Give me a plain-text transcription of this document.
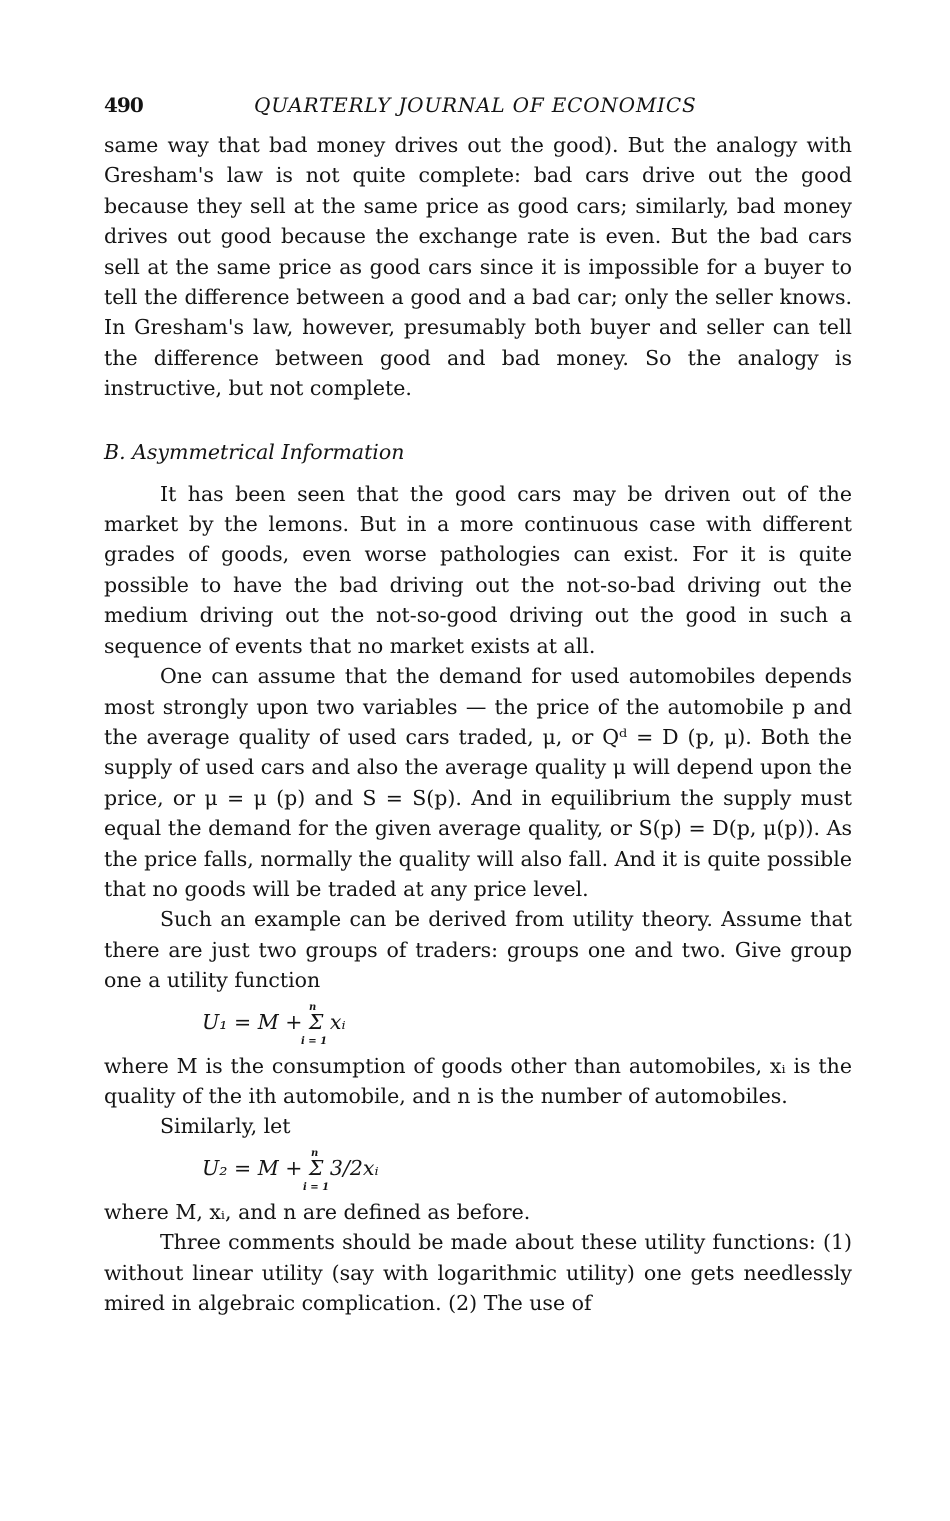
490	QUARTERLY JOURNAL OF ECONOMICS

same way that bad money drives out the good). But the analogy with Gresham's law is not quite complete: bad cars drive out the good because they sell at the same price as good cars; similarly, bad money drives out good because the exchange rate is even. But the bad cars sell at the same price as good cars since it is impossible for a buyer to tell the difference between a good and a bad car; only the seller knows. In Gresham's law, however, presumably both buyer and seller can tell the difference between good and bad money. So the analogy is instructive, but not complete.

B. Asymmetrical Information

It has been seen that the good cars may be driven out of the market by the lemons. But in a more continuous case with different grades of goods, even worse pathologies can exist. For it is quite possible to have the bad driving out the not-so-bad driving out the medium driving out the not-so-good driving out the good in such a sequence of events that no market exists at all.

One can assume that the demand for used automobiles depends most strongly upon two variables — the price of the automobile p and the average quality of used cars traded, μ, or Qᵈ = D (p, μ). Both the supply of used cars and also the average quality μ will depend upon the price, or μ = μ (p) and S = S(p). And in equilibrium the supply must equal the demand for the given average quality, or S(p) = D(p, μ(p)). As the price falls, normally the quality will also fall. And it is quite possible that no goods will be traded at any price level.

Such an example can be derived from utility theory. Assume that there are just two groups of traders: groups one and two. Give group one a utility function

U₁ = M + Σ xᵢ
n
i = 1

where M is the consumption of goods other than automobiles, xᵢ is the quality of the ith automobile, and n is the number of automobiles.

Similarly, let

U₂ = M + Σ 3/2xᵢ
n
i = 1

where M, xᵢ, and n are defined as before.

Three comments should be made about these utility functions: (1) without linear utility (say with logarithmic utility) one gets needlessly mired in algebraic complication. (2) The use of
